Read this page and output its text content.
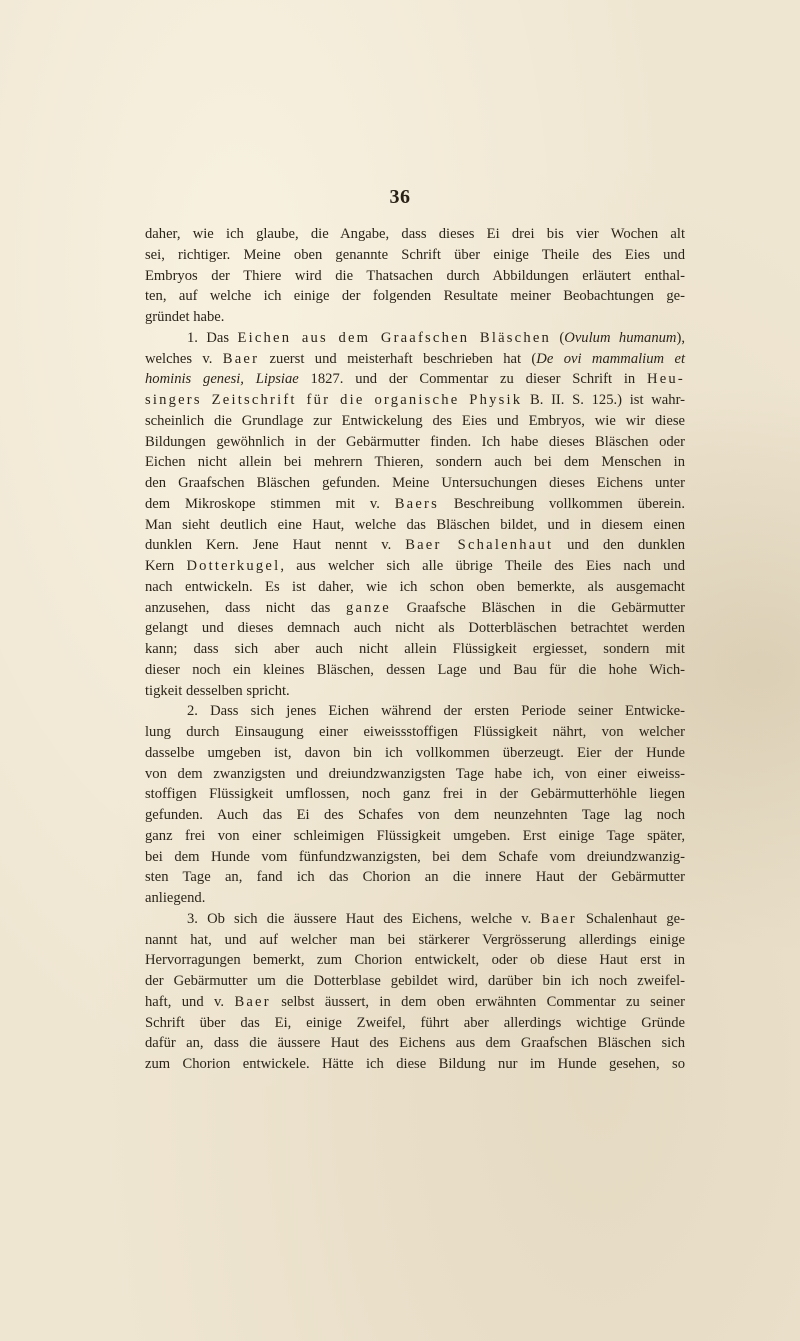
36
daher, wie ich glaube, die Angabe, dass dieses Ei drei bis vier Wochen alt
sei, richtiger. Meine oben genannte Schrift über einige Theile des Eies und
Embryos der Thiere wird die Thatsachen durch Abbildungen erläutert enthal-
ten, auf welche ich einige der folgenden Resultate meiner Beobachtungen ge-
gründet habe.
1. Das Eichen aus dem Graafschen Bläschen (Ovulum humanum),
welches v. Baer zuerst und meisterhaft beschrieben hat (De ovi mammalium et
hominis genesi, Lipsiae 1827. und der Commentar zu dieser Schrift in Heu-
singers Zeitschrift für die organische Physik B. II. S. 125.) ist wahr-
scheinlich die Grundlage zur Entwickelung des Eies und Embryos, wie wir diese
Bildungen gewöhnlich in der Gebärmutter finden. Ich habe dieses Bläschen oder
Eichen nicht allein bei mehrern Thieren, sondern auch bei dem Menschen in
den Graafschen Bläschen gefunden. Meine Untersuchungen dieses Eichens unter
dem Mikroskope stimmen mit v. Baers Beschreibung vollkommen überein.
Man sieht deutlich eine Haut, welche das Bläschen bildet, und in diesem einen
dunklen Kern. Jene Haut nennt v. Baer Schalenhaut und den dunklen
Kern Dotterkugel, aus welcher sich alle übrige Theile des Eies nach und
nach entwickeln. Es ist daher, wie ich schon oben bemerkte, als ausgemacht
anzusehen, dass nicht das ganze Graafsche Bläschen in die Gebärmutter
gelangt und dieses demnach auch nicht als Dotterbläschen betrachtet werden
kann; dass sich aber auch nicht allein Flüssigkeit ergiesset, sondern mit
dieser noch ein kleines Bläschen, dessen Lage und Bau für die hohe Wich-
tigkeit desselben spricht.
2. Dass sich jenes Eichen während der ersten Periode seiner Entwicke-
lung durch Einsaugung einer eiweissstoffigen Flüssigkeit nährt, von welcher
dasselbe umgeben ist, davon bin ich vollkommen überzeugt. Eier der Hunde
von dem zwanzigsten und dreiundzwanzigsten Tage habe ich, von einer eiweiss-
stoffigen Flüssigkeit umflossen, noch ganz frei in der Gebärmutterhöhle liegen
gefunden. Auch das Ei des Schafes von dem neunzehnten Tage lag noch
ganz frei von einer schleimigen Flüssigkeit umgeben. Erst einige Tage später,
bei dem Hunde vom fünfundzwanzigsten, bei dem Schafe vom dreiundzwanzig-
sten Tage an, fand ich das Chorion an die innere Haut der Gebärmutter
anliegend.
3. Ob sich die äussere Haut des Eichens, welche v. Baer Schalenhaut ge-
nannt hat, und auf welcher man bei stärkerer Vergrösserung allerdings einige
Hervorragungen bemerkt, zum Chorion entwickelt, oder ob diese Haut erst in
der Gebärmutter um die Dotterblase gebildet wird, darüber bin ich noch zweifel-
haft, und v. Baer selbst äussert, in dem oben erwähnten Commentar zu seiner
Schrift über das Ei, einige Zweifel, führt aber allerdings wichtige Gründe
dafür an, dass die äussere Haut des Eichens aus dem Graafschen Bläschen sich
zum Chorion entwickele. Hätte ich diese Bildung nur im Hunde gesehen, so
